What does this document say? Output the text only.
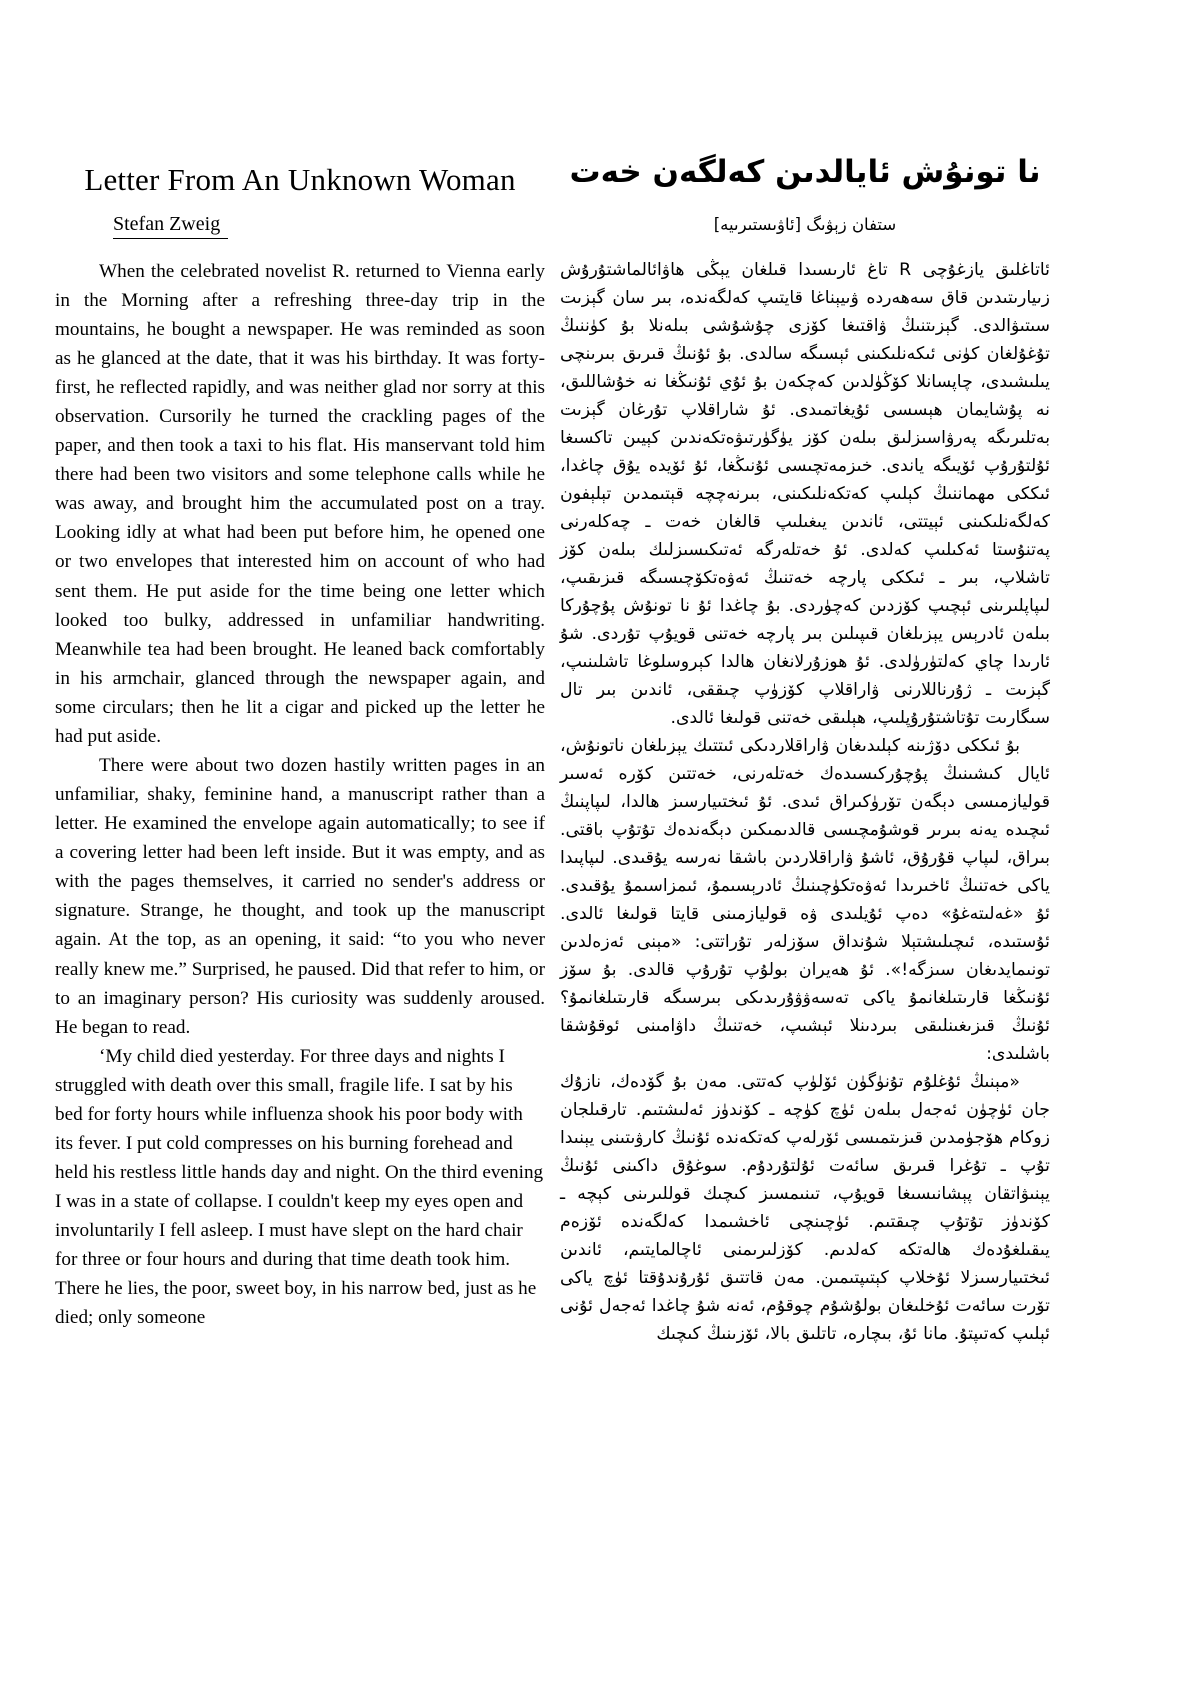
Letter From An Unknown Woman
Stefan Zweig

When the celebrated novelist R. returned to Vienna early in the Morning after a refreshing three-day trip in the mountains, he bought a newspaper. He was reminded as soon as he glanced at the date, that it was his birthday. It was forty-first, he reflected rapidly, and was neither glad nor sorry at this observation. Cursorily he turned the crackling pages of the paper, and then took a taxi to his flat. His manservant told him there had been two visitors and some telephone calls while he was away, and brought him the accumulated post on a tray. Looking idly at what had been put before him, he opened one or two envelopes that interested him on account of who had sent them. He put aside for the time being one letter which looked too bulky, addressed in unfamiliar handwriting. Meanwhile tea had been brought. He leaned back comfortably in his armchair, glanced through the newspaper again, and some circulars; then he lit a cigar and picked up the letter he had put aside.

There were about two dozen hastily written pages in an unfamiliar, shaky, feminine hand, a manuscript rather than a letter. He examined the envelope again automatically; to see if a covering letter had been left inside. But it was empty, and as with the pages themselves, it carried no sender's address or signature. Strange, he thought, and took up the manuscript again. At the top, as an opening, it said: “to you who never really knew me.” Surprised, he paused. Did that refer to him, or to an imaginary person? His curiosity was suddenly aroused. He began to read.

‘My child died yesterday. For three days and nights I struggled with death over this small, fragile life. I sat by his bed for forty hours while influenza shook his poor body with its fever. I put cold compresses on his burning forehead and held his restless little hands day and night. On the third evening I was in a state of collapse. I couldn't keep my eyes open and involuntarily I fell asleep. I must have slept on the hard chair for three or four hours and during that time death took him. There he lies, the poor, sweet boy, in his narrow bed, just as he died; only someone

نا تونۇش ئايالدىن كەلگەن خەت
ستفان زېۋىگ [ئاۋىستىرىيە]

ئاتاغلىق يازغۇچى R تاغ ئارىسىدا قىلغان يېڭى ھاۋائالماشتۇرۇش زىيارىتىدىن قاق سەھەردە ۋىيېناغا قايتىپ كەلگەندە، بىر سان گېزىت سىتىۋالدى. گېزىتنىڭ ۋاقتىغا كۆزى چۇشۇشى بىلەنلا بۇ كۈننىڭ تۇغۇلغان كۈنى ئىكەنلىكىنى ئېسىگە سالدى. بۇ ئۇنىڭ قىرىق بىرىنچى يىلىشىدى، چاپسانلا كۆڭۈلدىن كەچكەن بۇ ئۇي ئۇنىڭغا نە خۇشاللىق، نە پۇشايمان ھېسسى ئۇيغاتمىدى. ئۇ شاراقلاپ تۇرغان گېزىت بەتلىرىگە پەرۋاسىزلىق بىلەن كۆز يۈگۈرتىۋەتكەندىن كېيىن تاكسىغا ئۇلتۇرۇپ ئۆيىگە ياندى. خىزمەتچىسى ئۇنىڭغا، ئۇ ئۆيدە يۇق چاغدا، ئىككى مھماننىڭ كېلىپ كەتكەنلىكىنى، بىرنەچچە قېتىمدىن تېلېفون كەلگەنلىكىنى ئېيتتى، ئاندىن يىغىلىپ قالغان خەت ـ چەكلەرنى پەتنۇستا ئەكىلىپ كەلدى. ئۇ خەتلەرگە ئەتىكىسىزلىك بىلەن كۆز تاشلاپ، بىر ـ ئىككى پارچە خەتنىڭ ئەۋەتكۆچىسىگە قىزىقىپ، لىپاپلىرىنى ئېچىپ كۆزدىن كەچۈردى. بۇ چاغدا ئۇ نا تونۇش پۇچۇركا بىلەن ئادرېس يېزىلغان قىپىلىن بىر پارچە خەتنى قويۇپ تۇردى. شۇ ئارىدا چاي كەلتۈرۈلدى. ئۇ ھوزۇرلانغان ھالدا كېروسلوغا تاشلىنىپ، گېزىت ـ ژۇرناللارنى ۋاراقلاپ كۆزۈپ چىققى، ئاندىن بىر تال سىگارىت تۇتاشتۇرۇپلىپ، ھېلىقى خەتنى قولىغا ئالدى.

بۇ ئىككى دۆژىنە كېلىدىغان ۋاراقلاردىكى ئىتتىك يېزىلغان ناتونۇش، ئايال كىشىنىڭ پۇچۇركىسىدەك خەتلەرنى، خەتتىن كۆرە ئەسىر قوليازمىسى دېگەن تۆرۈكىراق ئىدى. ئۇ ئىختىيارسىز ھالدا، لىپاپنىڭ ئىچىدە يەنە بىرىر قوشۇمچىسى قالدىمىكىن دېگەندەك تۇتۇپ باقتى. بىراق، لىپاپ قۇرۇق، ئاشۇ ۋاراقلاردىن باشقا نەرسە يۇقىدى. لىپاپىدا ياكى خەتنىڭ ئاخىرىدا ئەۋەتكۈچىنىڭ ئادرېسىمۇ، ئىمزاسىمۇ يۇقىدى. ئۇ «غەلىتەغۇ» دەپ ئۇيلىدى ۋە قوليازمىنى قايتا قولىغا ئالدى. ئۇستىدە، ئىچىلىشتېلا شۇنداق سۆزلەر تۇراتتى: «مېنى ئەزەلدىن تونىمايدىغان سىزگە!». ئۇ ھەيران بولۇپ تۇرۇپ قالدى. بۇ سۆز ئۇنىڭغا قارىتىلغانمۇ ياكى تەسەۋۋۇرىدىكى بىرسىگە قارىتىلغانمۇ؟ ئۇنىڭ قىزىغىنلىقى بىردىنلا ئېشىپ، خەتنىڭ داۋامىنى ئوقۇشقا باشلىدى:

«مېنىڭ ئۇغلۇم تۇنۈگۈن ئۆلۈپ كەتتى. مەن بۇ گۆدەك، نازۇك جان ئۈچۈن ئەجەل بىلەن ئۈچ كۈچە ـ كۆندۈز ئەلىشتىم. تارقىلجان زوكام ھۆجۈمدىن قىزىتمىسى ئۆرلەپ كەتكەندە ئۇنىڭ كارۋىتىنى يېنىدا تۇپ ـ تۇغرا قىرىق سائەت ئۇلتۇردۇم. سوغۇق داكىنى ئۇنىڭ يېنىۋاتقان پېشانىسىغا قويۇپ، تىنىمسىز كىچىك قوللىرىنى كېچە ـ كۆندۈز تۇتۇپ چىقتىم. ئۈچىنچى ئاخشىمدا كەلگەندە ئۆزەم يىقىلغۇدەك ھالەتكە كەلدىم. كۆزلىرىمنى ئاچالمايتىم، ئاندىن ئىختىيارسىزلا ئۇخلاپ كېتىپتىمىن. مەن قاتتىق ئۇرۇندۇقتا ئۈچ ياكى تۆرت سائەت ئۇخلىغان بولۇشۇم چوقۇم، ئەنە شۇ چاغدا ئەجەل ئۇنى ئېلىپ كەتىپتۇ. مانا ئۇ، بىچارە، تاتلىق بالا، ئۆزىنىڭ كىچىك
